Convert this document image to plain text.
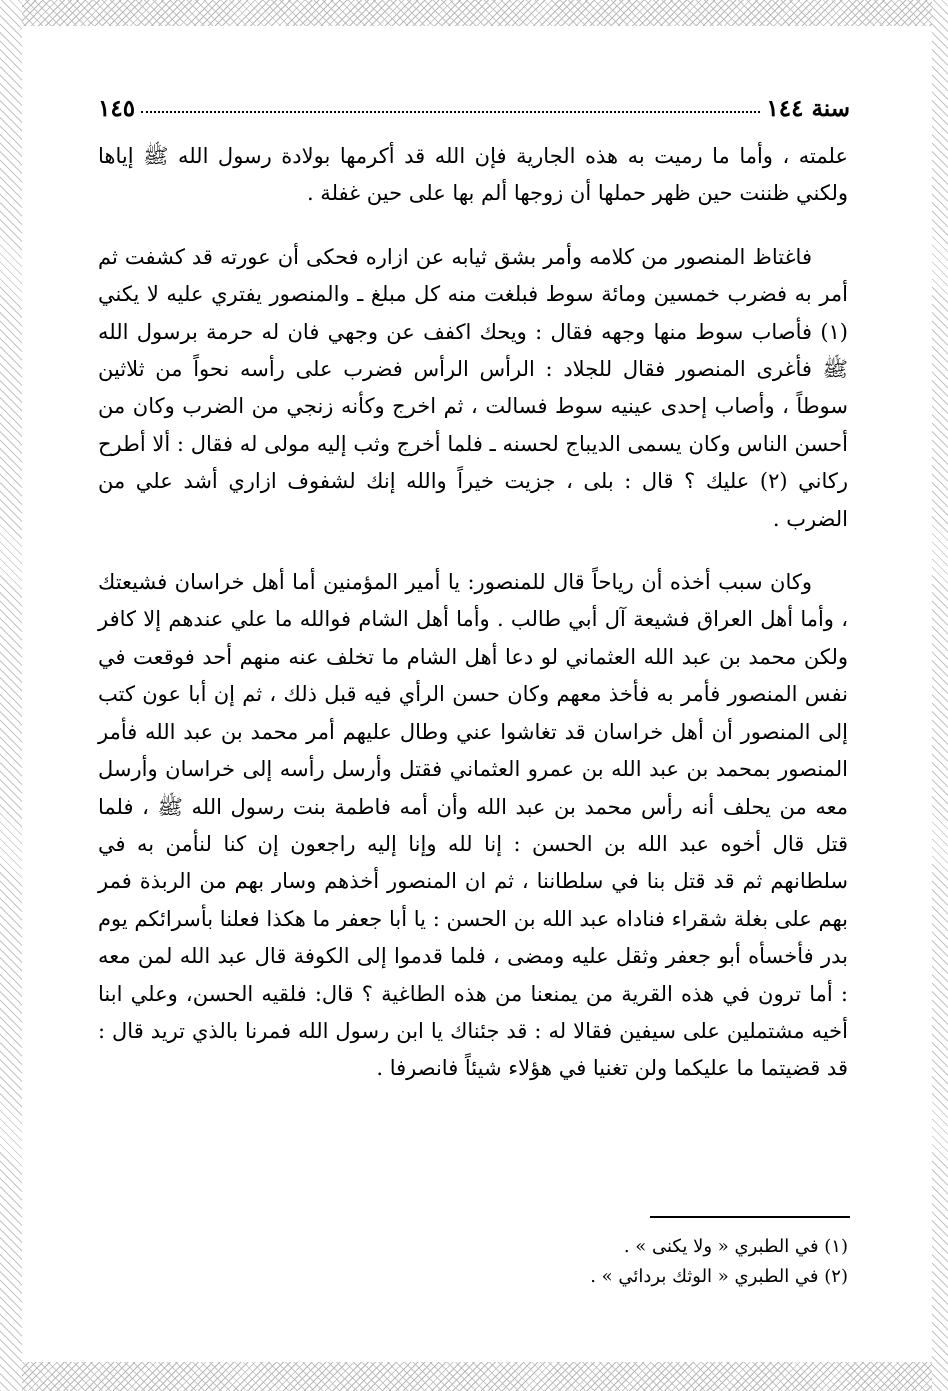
سنة ١٤٤
١٤٥

علمته ، وأما ما رميت به هذه الجارية فإن الله قد أكرمها بولادة رسول الله ﷺ إياها ولكني ظننت حين ظهر حملها أن زوجها ألم بها على حين غفلة .

فاغتاظ المنصور من كلامه وأمر بشق ثيابه عن ازاره فحكى أن عورته قد كشفت ثم أمر به فضرب خمسين ومائة سوط فبلغت منه كل مبلغ ـ والمنصور يفتري عليه لا يكني (١) فأصاب سوط منها وجهه فقال : ويحك اكفف عن وجهي فان له حرمة برسول الله ﷺ فأغرى المنصور فقال للجلاد : الرأس الرأس فضرب على رأسه نحواً من ثلاثين سوطاً ، وأصاب إحدى عينيه سوط فسالت ، ثم اخرج وكأنه زنجي من الضرب وكان من أحسن الناس وكان يسمى الديباج لحسنه ـ فلما أخرج وثب إليه مولى له فقال : ألا أطرح ركاني (٢) عليك ؟ قال : بلى ، جزيت خيراً والله إنك لشفوف ازاري أشد علي من الضرب .

وكان سبب أخذه أن رياحاً قال للمنصور: يا أمير المؤمنين أما أهل خراسان فشيعتك ، وأما أهل العراق فشيعة آل أبي طالب . وأما أهل الشام فوالله ما علي عندهم إلا كافر ولكن محمد بن عبد الله العثماني لو دعا أهل الشام ما تخلف عنه منهم أحد فوقعت في نفس المنصور فأمر به فأخذ معهم وكان حسن الرأي فيه قبل ذلك ، ثم إن أبا عون كتب إلى المنصور أن أهل خراسان قد تغاشوا عني وطال عليهم أمر محمد بن عبد الله فأمر المنصور بمحمد بن عبد الله بن عمرو العثماني فقتل وأرسل رأسه إلى خراسان وأرسل معه من يحلف أنه رأس محمد بن عبد الله وأن أمه فاطمة بنت رسول الله ﷺ ، فلما قتل قال أخوه عبد الله بن الحسن : إنا لله وإنا إليه راجعون إن كنا لنأمن به في سلطانهم ثم قد قتل بنا في سلطاننا ، ثم ان المنصور أخذهم وسار بهم من الربذة فمر بهم على بغلة شقراء فناداه عبد الله بن الحسن : يا أبا جعفر ما هكذا فعلنا بأسرائكم يوم بدر فأخسأه أبو جعفر وثقل عليه ومضى ، فلما قدموا إلى الكوفة قال عبد الله لمن معه : أما ترون في هذه القرية من يمنعنا من هذه الطاغية ؟ قال: فلقيه الحسن، وعلي ابنا أخيه مشتملين على سيفين فقالا له : قد جئناك يا ابن رسول الله فمرنا بالذي تريد قال : قد قضيتما ما عليكما ولن تغنيا في هؤلاء شيئاً فانصرفا .

(١) في الطبري « ولا يكنى » .

(٢) في الطبري « الوثك بردائي » .
